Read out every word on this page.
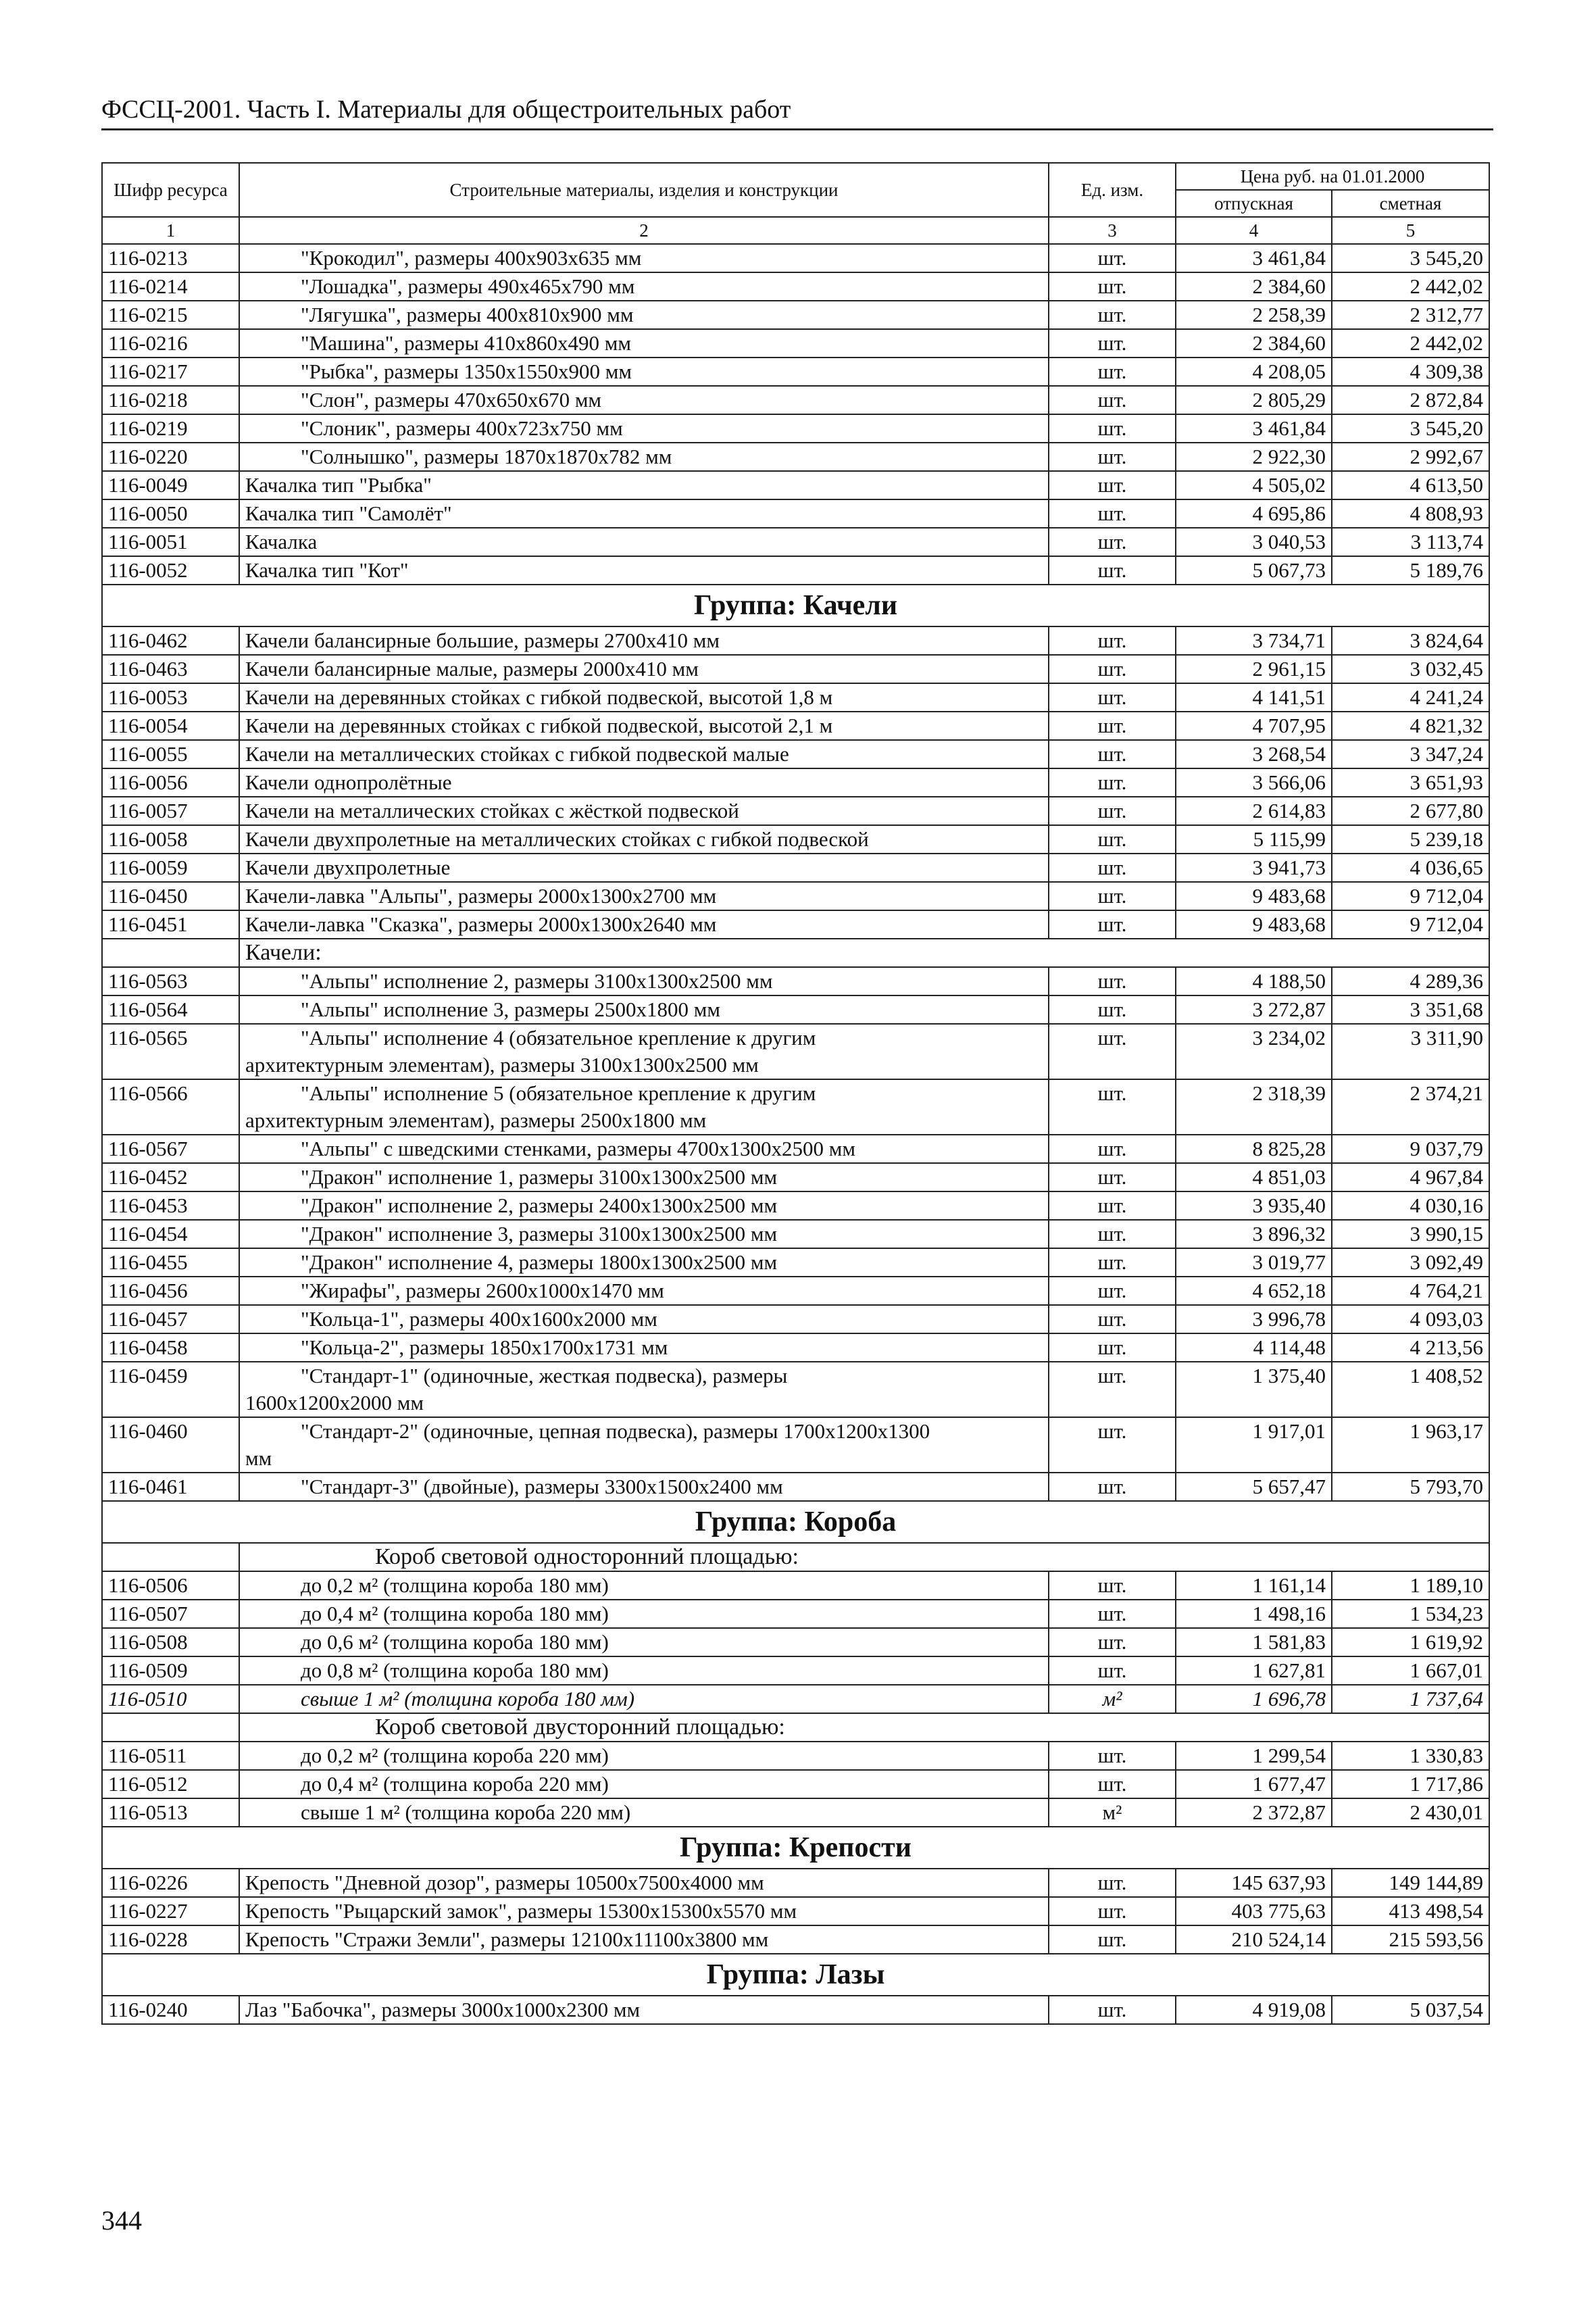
ФССЦ-2001. Часть I. Материалы для общестроительных работ
Шифр ресурса	Строительные материалы, изделия и конструкции	Ед. изм.	Цена руб. на 01.01.2000	
			отпускная	сметная
1	2	3	4	5
116-0213	"Крокодил", размеры 400x903x635 мм	шт.	3 461,84	3 545,20
116-0214	"Лошадка", размеры 490x465x790 мм	шт.	2 384,60	2 442,02
116-0215	"Лягушка", размеры 400x810x900 мм	шт.	2 258,39	2 312,77
116-0216	"Машина", размеры 410x860x490 мм	шт.	2 384,60	2 442,02
116-0217	"Рыбка", размеры 1350x1550x900 мм	шт.	4 208,05	4 309,38
116-0218	"Слон", размеры 470x650x670 мм	шт.	2 805,29	2 872,84
116-0219	"Слоник", размеры 400x723x750 мм	шт.	3 461,84	3 545,20
116-0220	"Солнышко", размеры 1870x1870x782 мм	шт.	2 922,30	2 992,67
116-0049	Качалка тип "Рыбка"	шт.	4 505,02	4 613,50
116-0050	Качалка тип "Самолёт"	шт.	4 695,86	4 808,93
116-0051	Качалка	шт.	3 040,53	3 113,74
116-0052	Качалка тип "Кот"	шт.	5 067,73	5 189,76
Группа: Качели				
116-0462	Качели балансирные большие, размеры 2700x410 мм	шт.	3 734,71	3 824,64
116-0463	Качели балансирные малые, размеры 2000x410 мм	шт.	2 961,15	3 032,45
116-0053	Качели на деревянных стойках с гибкой подвеской, высотой 1,8 м	шт.	4 141,51	4 241,24
116-0054	Качели на деревянных стойках с гибкой подвеской, высотой 2,1 м	шт.	4 707,95	4 821,32
116-0055	Качели на металлических стойках с гибкой подвеской малые	шт.	3 268,54	3 347,24
116-0056	Качели однопролётные	шт.	3 566,06	3 651,93
116-0057	Качели на металлических стойках с жёсткой подвеской	шт.	2 614,83	2 677,80
116-0058	Качели двухпролетные на металлических стойках с гибкой подвеской	шт.	5 115,99	5 239,18
116-0059	Качели двухпролетные	шт.	3 941,73	4 036,65
116-0450	Качели-лавка "Альпы", размеры 2000x1300x2700 мм	шт.	9 483,68	9 712,04
116-0451	Качели-лавка "Сказка", размеры 2000x1300x2640 мм	шт.	9 483,68	9 712,04
	Качели:			
116-0563	"Альпы" исполнение 2, размеры 3100x1300x2500 мм	шт.	4 188,50	4 289,36
116-0564	"Альпы" исполнение 3, размеры 2500x1800 мм	шт.	3 272,87	3 351,68
116-0565	"Альпы" исполнение 4 (обязательное крепление к другим
архитектурным элементам), размеры 3100x1300x2500 мм	шт.	3 234,02	3 311,90
116-0566	"Альпы" исполнение 5 (обязательное крепление к другим
архитектурным элементам), размеры 2500x1800 мм	шт.	2 318,39	2 374,21
116-0567	"Альпы" с шведскими стенками, размеры 4700x1300x2500 мм	шт.	8 825,28	9 037,79
116-0452	"Дракон" исполнение 1, размеры 3100x1300x2500 мм	шт.	4 851,03	4 967,84
116-0453	"Дракон" исполнение 2, размеры 2400x1300x2500 мм	шт.	3 935,40	4 030,16
116-0454	"Дракон" исполнение 3, размеры 3100x1300x2500 мм	шт.	3 896,32	3 990,15
116-0455	"Дракон" исполнение 4, размеры 1800x1300x2500 мм	шт.	3 019,77	3 092,49
116-0456	"Жирафы", размеры 2600x1000x1470 мм	шт.	4 652,18	4 764,21
116-0457	"Кольца-1", размеры 400x1600x2000 мм	шт.	3 996,78	4 093,03
116-0458	"Кольца-2", размеры 1850x1700x1731 мм	шт.	4 114,48	4 213,56
116-0459	"Стандарт-1" (одиночные, жесткая подвеска), размеры
1600x1200x2000 мм	шт.	1 375,40	1 408,52
116-0460	"Стандарт-2" (одиночные, цепная подвеска), размеры 1700x1200x1300
мм	шт.	1 917,01	1 963,17
116-0461	"Стандарт-3" (двойные), размеры 3300x1500x2400 мм	шт.	5 657,47	5 793,70
Группа: Короба				
	Короб световой односторонний площадью:			
116-0506	до 0,2 м² (толщина короба 180 мм)	шт.	1 161,14	1 189,10
116-0507	до 0,4 м² (толщина короба 180 мм)	шт.	1 498,16	1 534,23
116-0508	до 0,6 м² (толщина короба 180 мм)	шт.	1 581,83	1 619,92
116-0509	до 0,8 м² (толщина короба 180 мм)	шт.	1 627,81	1 667,01
116-0510	свыше 1 м² (толщина короба 180 мм)	м²	1 696,78	1 737,64
	Короб световой двусторонний площадью:			
116-0511	до 0,2 м² (толщина короба 220 мм)	шт.	1 299,54	1 330,83
116-0512	до 0,4 м² (толщина короба 220 мм)	шт.	1 677,47	1 717,86
116-0513	свыше 1 м² (толщина короба 220 мм)	м²	2 372,87	2 430,01
Группа: Крепости				
116-0226	Крепость "Дневной дозор", размеры 10500x7500x4000 мм	шт.	145 637,93	149 144,89
116-0227	Крепость "Рыцарский замок", размеры 15300x15300x5570 мм	шт.	403 775,63	413 498,54
116-0228	Крепость "Стражи Земли", размеры 12100x11100x3800 мм	шт.	210 524,14	215 593,56
Группа: Лазы				
116-0240	Лаз "Бабочка", размеры 3000x1000x2300 мм	шт.	4 919,08	5 037,54
344
